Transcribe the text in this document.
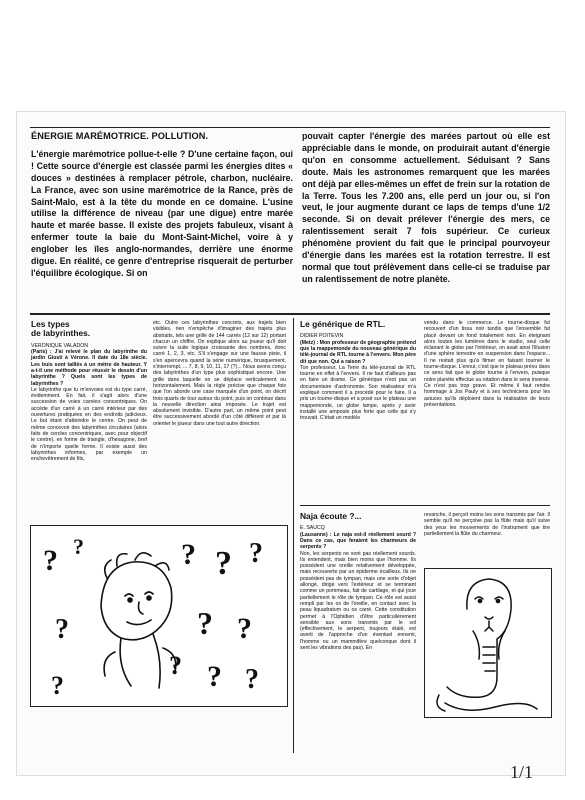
ÉNERGIE MARÉMOTRICE. POLLUTION.

L'énergie marémotrice pollue-t-elle ? D'une certaine façon, oui ! Cette source d'énergie est classée parmi les énergies dites « douces » destinées à remplacer pétrole, charbon, nucléaire. La France, avec son usine marémotrice de la Rance, près de Saint-Malo, est à la tête du monde en ce domaine. L'usine utilise la différence de niveau (par une digue) entre marée haute et marée basse. Il existe des projets fabuleux, visant à enfermer toute la baie du Mont-Saint-Michel, voire à y englober les îles anglo-normandes, derrière une énorme digue. En réalité, ce genre d'entreprise risquerait de perturber l'équilibre écologique. Si on

pouvait capter l'énergie des marées partout où elle est appréciable dans le monde, on produirait autant d'énergie qu'on en consomme actuellement. Séduisant ? Sans doute. Mais les astronomes remarquent que les marées ont déjà par elles-mêmes un effet de frein sur la rotation de la Terre. Tous les 7.200 ans, elle perd un jour ou, si l'on veut, le jour augmente durant ce laps de temps d'une 1/2 seconde. Si on devait prélever l'énergie des mers, ce ralentissement serait 7 fois supérieur. Ce curieux phénomène provient du fait que le principal pourvoyeur d'énergie dans les marées est la rotation terrestre. Il est normal que tout prélèvement dans celle-ci se traduise par un ralentissement de notre planète.

Les types
de labyrinthes.

VERONIQUE VALADON

(Paris) : J'ai relevé le plan du labyrinthe du jardin Giusti à Vérone. Il date du 18e siècle. Les buis sont taillés à un mètre de hauteur. Y a-t-il une méthode pour réussir le dessin d'un labyrinthe ? Quels sont les types de labyrinthes ?

Le labyrinthe que tu m'envoies est du type carré, évidemment. En fait, il s'agit alors d'une succession de voies carrées concentriques. On accède d'un carré à un carré intérieur par des ouvertures pratiquées en des endroits judicieux. Le but étant d'atteindre le centre. On peut de même concevoir des labyrinthes circulaires (alors faits de cercles concentriques, avec pour objectif le centre), en forme de triangle, d'hexagone, bref de n'importe quelle forme. Il existe aussi des labyrinthes informes, par exemple un enchevêtrement de fils,

etc. Outre ces labyrinthes concrets, aux trajets bien visibles, rien n'empêche d'imaginer des trajets plus abstraits, tels une grille de 144 carrés (12 sur 12) portant chacun un chiffre. On explique alors au joueur qu'il doit suivre la suite logique croissante des nombres, donc carré 1, 2, 3, etc. S'il s'engage sur une fausse piste, il s'en apercevra quand la série numérique, brusquement, s'interrompt. ... 7, 8, 9, 10, 11, 17 (?)... Nous avons conçu des labyrinthes d'un type plus sophistiqué encore. Une grille dans laquelle on se déplace verticalement ou horizontalement. Mais la règle précise que chaque fois que l'on aborde une case marquée d'un point, on décrit trois quarts de tour autour du point, puis on continue dans la nouvelle direction ainsi imposée. Le trajet est absolument invisible. D'autre part, un même point peut être successivement abordé d'un côté différent et par là orienter le joueur dans une tout autre direction.

? ?	? ? ?
?	? ?
? ? ?
?
Le générique de RTL.

DIDIER POITEVIN

(Metz) : Mon professeur de géographie prétend que la mappemonde du nouveau générique du télé-journal de RTL tourne à l'envers. Mon père dit que non. Qui a raison ?

Ton professeur. La Terre du télé-journal de RTL tourne en effet à l'envers. Il ne faut d'ailleurs pas en faire un drame. Ce générique n'est pas un documentaire d'astronomie. Son réalisateur m'a expliqué comment il a procédé pour le faire. Il a pris un tourne-disque et a posé sur le plateau une mappemonde, un globe lampe, après y avoir installé une ampoule plus forte que celle qui s'y trouvait. C'était un modèle

vendu dans le commerce. Le tourne-disque fut recouvert d'un tissu noir tandis que l'ensemble fut placé devant un fond totalement noir. En éteignant alors toutes les lumières dans le studio, seul celle éclairant le globe par l'intérieur, on avait ainsi l'illusion d'une sphère terrestre en suspension dans l'espace... Il ne restait plus qu'à filmer en faisant tourner le tourne-disque. L'ennui, c'est que le plateau prévu dans ce sens fait que le globe tourne à l'envers, puisque notre planète effectue sa rotation dans le sens inverse. Ce n'est pas trop grave. Et même il faut rendre hommage à Jos Pauly et à ses techniciens pour les astuces qu'ils déploient dans la réalisation de leurs présentations.

Naja écoute ?...

E. SAUCQ

(Lausanne) : Le naja est-il réellement sourd ? Dans ce cas, que feraient les charmeurs de serpents ?

Non, les serpents ne sont pas réellement sourds. Ils entendent, mais bien moins que l'homme. Ils possèdent une oreille relativement développée, mais recouverte par un épiderme écailleux. Ils ne possèdent pas de tympan, mais une sorte d'objet allongé, dirigé vers l'extérieur et se terminant comme un pommeau, fait de cartilage, et qui joue partiellement le rôle de tympan. Ce rôle est aussi rempli par les os de l'oreille, en contact avec la peau liquadratum ou os carré. Cette constitution permet à l'Ophidien d'être particulièrement sensible aux sons transmis par le sol (effectivement, le serpent, toujours étalé, est averti de l'approche d'un éventuel ennemi, l'homme ou un mammifère quelconque dont il sent les vibrations des pas). En

revanche, il perçoit moins les sons transmis par l'air. Il semble qu'il ne perçoive pas la flûte mais qu'il suive des yeux les mouvements de l'instrument que tire partiellement la flûte du charmeur.

1/1
